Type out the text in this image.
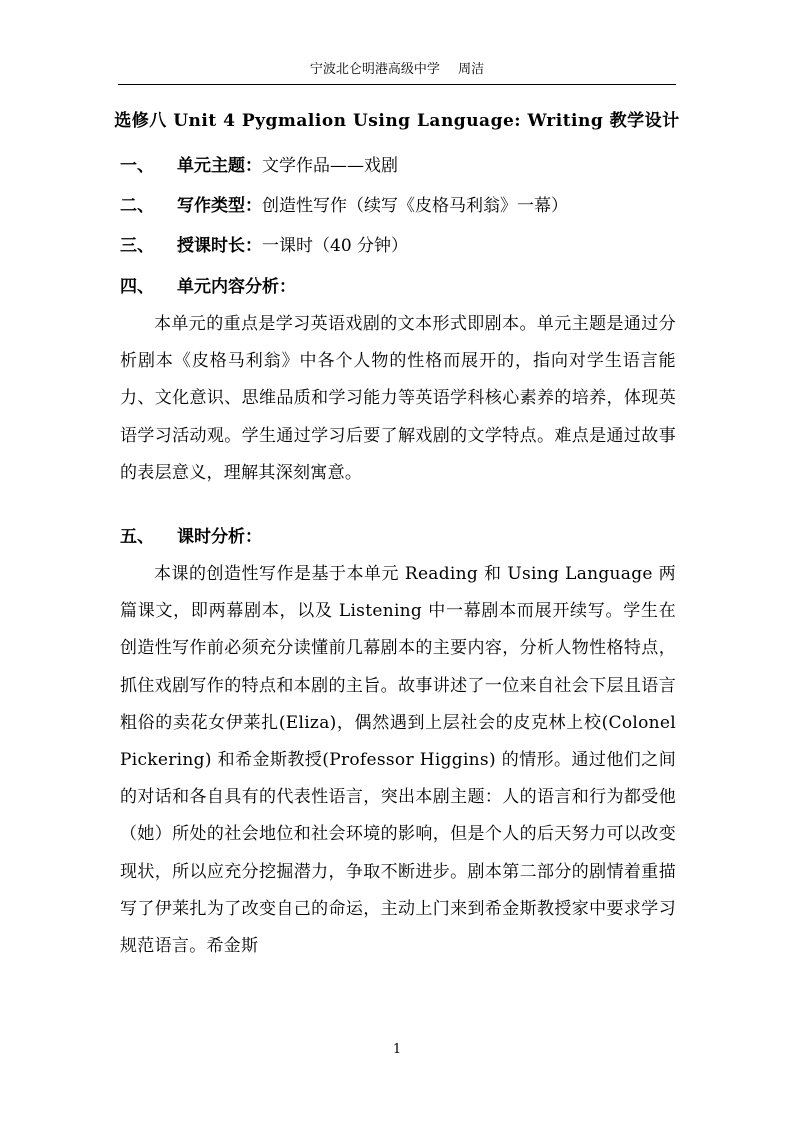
宁波北仑明港高级中学 周洁
选修八 Unit 4 Pygmalion Using Language: Writing 教学设计
一、 单元主题：文学作品——戏剧
二、 写作类型：创造性写作（续写《皮格马利翁》一幕）
三、 授课时长：一课时（40 分钟）
四、 单元内容分析：
本单元的重点是学习英语戏剧的文本形式即剧本。单元主题是通过分析剧本《皮格马利翁》中各个人物的性格而展开的，指向对学生语言能力、文化意识、思维品质和学习能力等英语学科核心素养的培养，体现英语学习活动观。学生通过学习后要了解戏剧的文学特点。难点是通过故事的表层意义，理解其深刻寓意。
五、 课时分析：
本课的创造性写作是基于本单元 Reading 和 Using Language 两篇课文，即两幕剧本，以及 Listening 中一幕剧本而展开续写。学生在创造性写作前必须充分读懂前几幕剧本的主要内容，分析人物性格特点，抓住戏剧写作的特点和本剧的主旨。故事讲述了一位来自社会下层且语言粗俗的卖花女伊莱扎(Eliza)，偶然遇到上层社会的皮克林上校(Colonel Pickering) 和希金斯教授(Professor Higgins) 的情形。通过他们之间的对话和各自具有的代表性语言，突出本剧主题：人的语言和行为都受他（她）所处的社会地位和社会环境的影响，但是个人的后天努力可以改变现状，所以应充分挖掘潜力，争取不断进步。剧本第二部分的剧情着重描写了伊莱扎为了改变自己的命运，主动上门来到希金斯教授家中要求学习规范语言。希金斯
1
